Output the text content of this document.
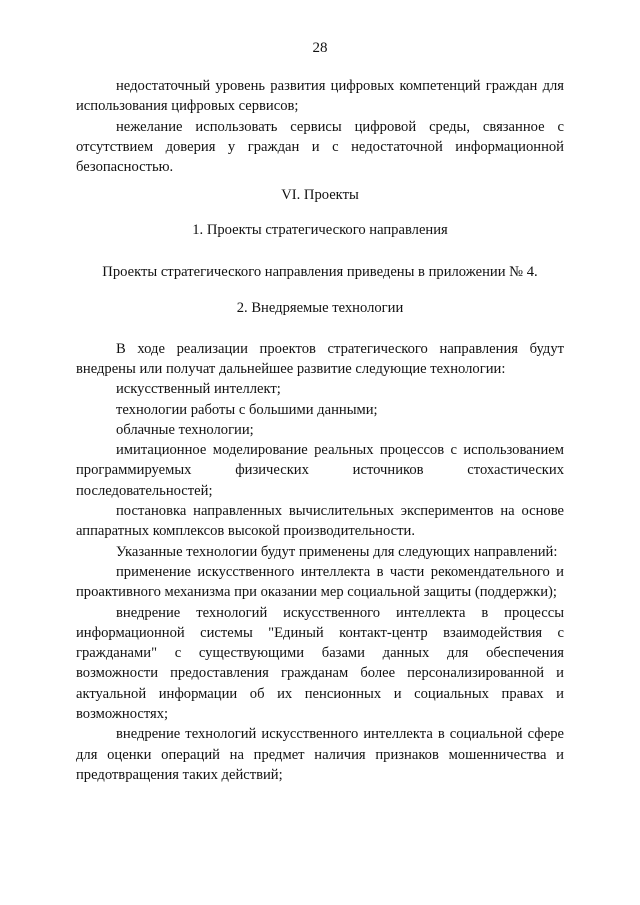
28

недостаточный уровень развития цифровых компетенций граждан для использования цифровых сервисов;

нежелание использовать сервисы цифровой среды, связанное с отсутствием доверия у граждан и с недостаточной информационной безопасностью.

VI. Проекты

1. Проекты стратегического направления

Проекты стратегического направления приведены в приложении № 4.

2. Внедряемые технологии

В ходе реализации проектов стратегического направления будут внедрены или получат дальнейшее развитие следующие технологии:

искусственный интеллект;

технологии работы с большими данными;

облачные технологии;

имитационное моделирование реальных процессов с использованием программируемых физических источников стохастических последовательностей;

постановка направленных вычислительных экспериментов на основе аппаратных комплексов высокой производительности.

Указанные технологии будут применены для следующих направлений:

применение искусственного интеллекта в части рекомендательного и проактивного механизма при оказании мер социальной защиты (поддержки);

внедрение технологий искусственного интеллекта в процессы информационной системы "Единый контакт-центр взаимодействия с гражданами" с существующими базами данных для обеспечения возможности предоставления гражданам более персонализированной и актуальной информации об их пенсионных и социальных правах и возможностях;

внедрение технологий искусственного интеллекта в социальной сфере для оценки операций на предмет наличия признаков мошенничества и предотвращения таких действий;
